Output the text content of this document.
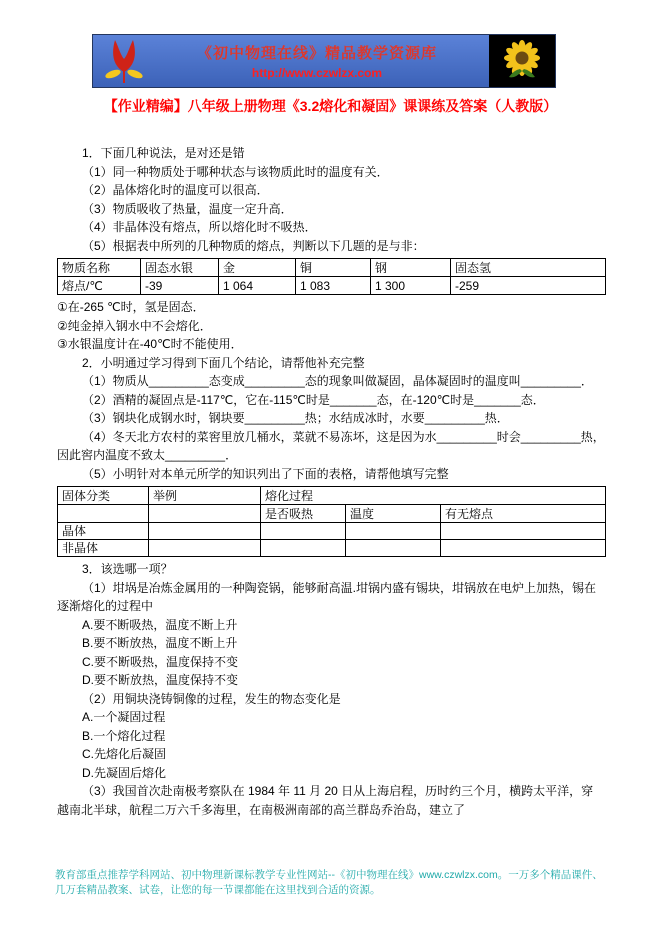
《初中物理在线》精品教学资源库
http://www.czwlzx.com
【作业精编】八年级上册物理《3.2熔化和凝固》课课练及答案（人教版）

1．下面几种说法，是对还是错

（1）同一种物质处于哪种状态与该物质此时的温度有关．

（2）晶体熔化时的温度可以很高．

（3）物质吸收了热量，温度一定升高．

（4）非晶体没有熔点，所以熔化时不吸热．

（5）根据表中所列的几种物质的熔点，判断以下几题的是与非：

物质名称	固态水银	金	铜	钢	固态氢
熔点/℃	-39	1 064	1 083	1 300	-259

①在-265 ℃时，氢是固态．

②纯金掉入钢水中不会熔化．

③水银温度计在-40℃时不能使用．

2．小明通过学习得到下面几个结论，请帮他补充完整

（1）物质从_________态变成_________态的现象叫做凝固，晶体凝固时的温度叫_________．

（2）酒精的凝固点是-117℃，它在-115℃时是_______态，在-120℃时是_______态．

（3）钢块化成钢水时，钢块要_________热；水结成冰时，水要_________热．

（4）冬天北方农村的菜窖里放几桶水，菜就不易冻坏，这是因为水_________时会_________热，因此窖内温度不致太_________．

（5）小明针对本单元所学的知识列出了下面的表格，请帮他填写完整

固体分类	举例	熔化过程		
		是否吸热	温度	有无熔点
晶体				
非晶体				

3．该选哪一项？

（1）坩埚是冶炼金属用的一种陶瓷锅，能够耐高温.坩锅内盛有锡块，坩锅放在电炉上加热，锡在逐渐熔化的过程中

A.要不断吸热，温度不断上升

B.要不断放热，温度不断上升

C.要不断吸热，温度保持不变

D.要不断放热，温度保持不变

（2）用铜块浇铸铜像的过程，发生的物态变化是

A.一个凝固过程

B.一个熔化过程

C.先熔化后凝固

D.先凝固后熔化

（3）我国首次赴南极考察队在 1984 年 11 月 20 日从上海启程，历时约三个月，横跨太平洋，穿越南北半球，航程二万六千多海里，在南极洲南部的高兰群岛乔治岛，建立了

教育部重点推荐学科网站、初中物理新课标教学专业性网站--《初中物理在线》www.czwlzx.com。一万多个精品课件、几万套精品教案、试卷，让您的每一节课都能在这里找到合适的资源。
